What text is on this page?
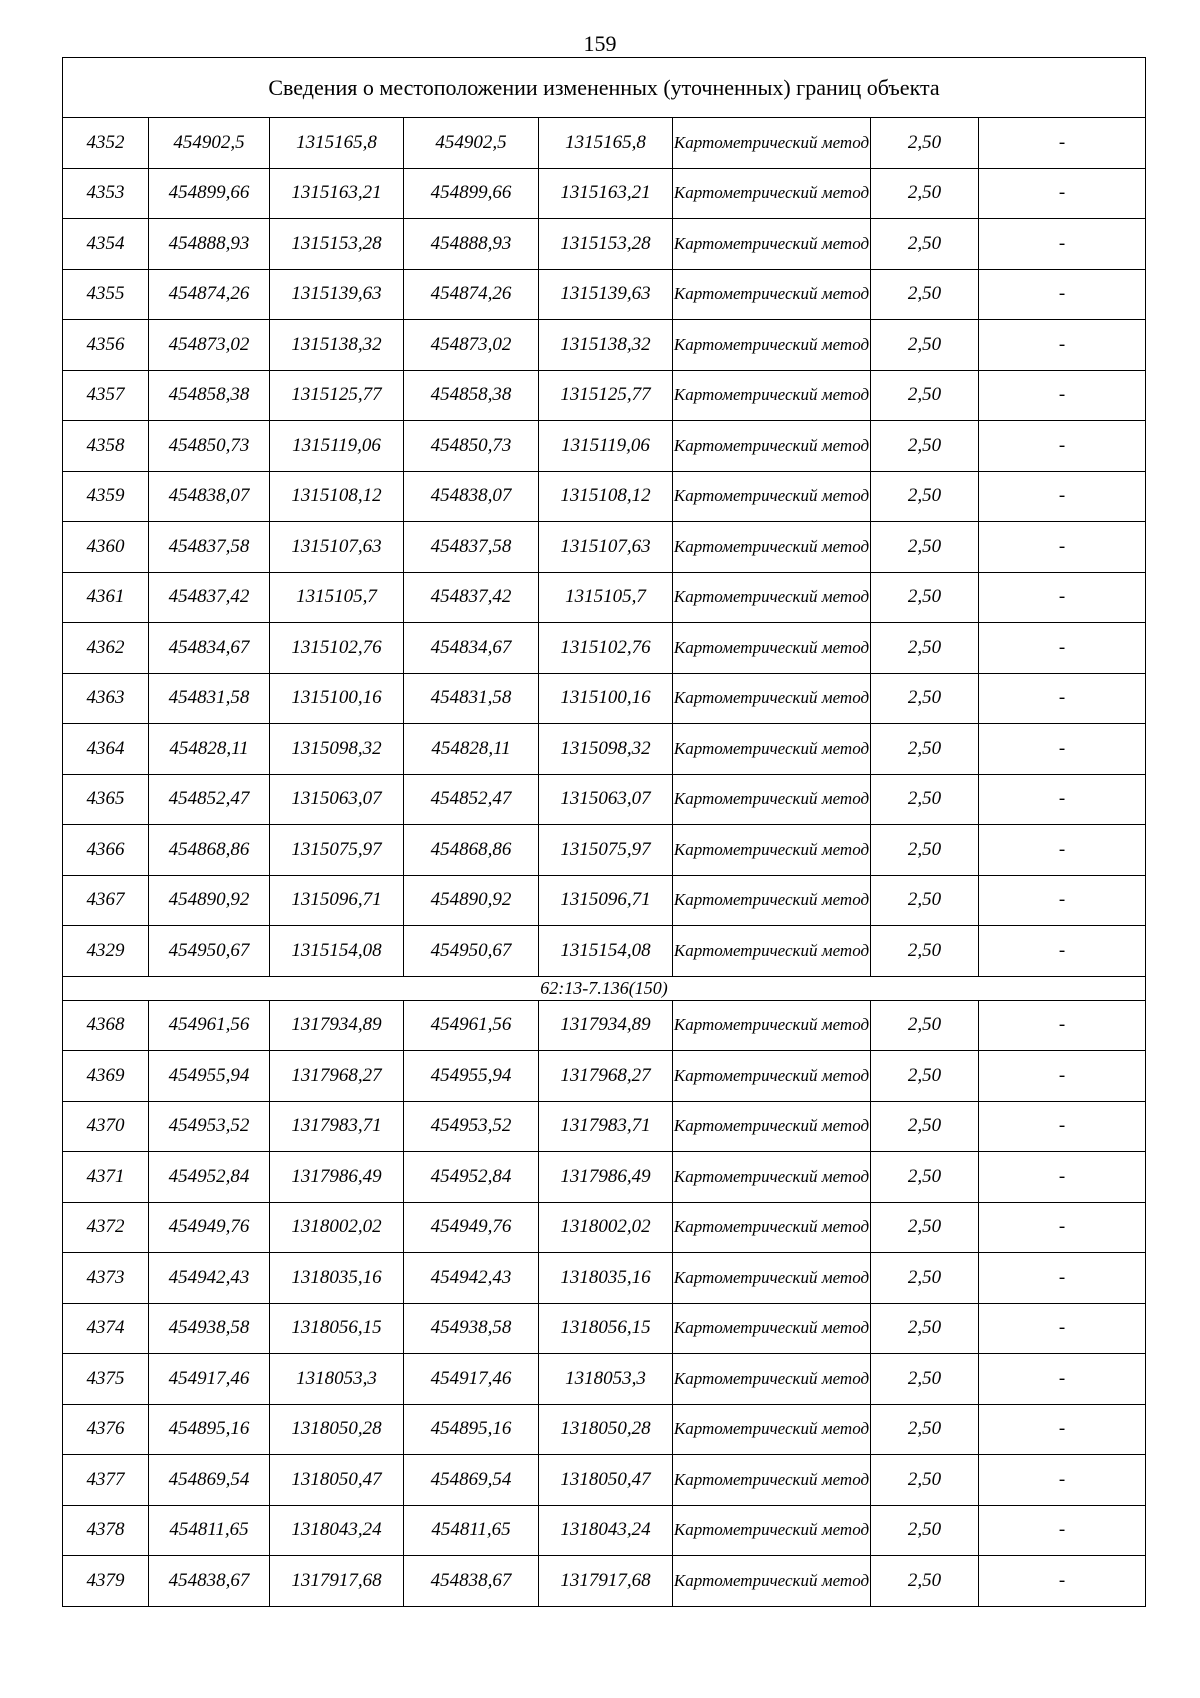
159
Сведения о местоположении измененных (уточненных) границ объекта							
4352	454902,5	1315165,8	454902,5	1315165,8	Картометрический метод	2,50	-
4353	454899,66	1315163,21	454899,66	1315163,21	Картометрический метод	2,50	-
4354	454888,93	1315153,28	454888,93	1315153,28	Картометрический метод	2,50	-
4355	454874,26	1315139,63	454874,26	1315139,63	Картометрический метод	2,50	-
4356	454873,02	1315138,32	454873,02	1315138,32	Картометрический метод	2,50	-
4357	454858,38	1315125,77	454858,38	1315125,77	Картометрический метод	2,50	-
4358	454850,73	1315119,06	454850,73	1315119,06	Картометрический метод	2,50	-
4359	454838,07	1315108,12	454838,07	1315108,12	Картометрический метод	2,50	-
4360	454837,58	1315107,63	454837,58	1315107,63	Картометрический метод	2,50	-
4361	454837,42	1315105,7	454837,42	1315105,7	Картометрический метод	2,50	-
4362	454834,67	1315102,76	454834,67	1315102,76	Картометрический метод	2,50	-
4363	454831,58	1315100,16	454831,58	1315100,16	Картометрический метод	2,50	-
4364	454828,11	1315098,32	454828,11	1315098,32	Картометрический метод	2,50	-
4365	454852,47	1315063,07	454852,47	1315063,07	Картометрический метод	2,50	-
4366	454868,86	1315075,97	454868,86	1315075,97	Картометрический метод	2,50	-
4367	454890,92	1315096,71	454890,92	1315096,71	Картометрический метод	2,50	-
4329	454950,67	1315154,08	454950,67	1315154,08	Картометрический метод	2,50	-
62:13-7.136(150)							
4368	454961,56	1317934,89	454961,56	1317934,89	Картометрический метод	2,50	-
4369	454955,94	1317968,27	454955,94	1317968,27	Картометрический метод	2,50	-
4370	454953,52	1317983,71	454953,52	1317983,71	Картометрический метод	2,50	-
4371	454952,84	1317986,49	454952,84	1317986,49	Картометрический метод	2,50	-
4372	454949,76	1318002,02	454949,76	1318002,02	Картометрический метод	2,50	-
4373	454942,43	1318035,16	454942,43	1318035,16	Картометрический метод	2,50	-
4374	454938,58	1318056,15	454938,58	1318056,15	Картометрический метод	2,50	-
4375	454917,46	1318053,3	454917,46	1318053,3	Картометрический метод	2,50	-
4376	454895,16	1318050,28	454895,16	1318050,28	Картометрический метод	2,50	-
4377	454869,54	1318050,47	454869,54	1318050,47	Картометрический метод	2,50	-
4378	454811,65	1318043,24	454811,65	1318043,24	Картометрический метод	2,50	-
4379	454838,67	1317917,68	454838,67	1317917,68	Картометрический метод	2,50	-
